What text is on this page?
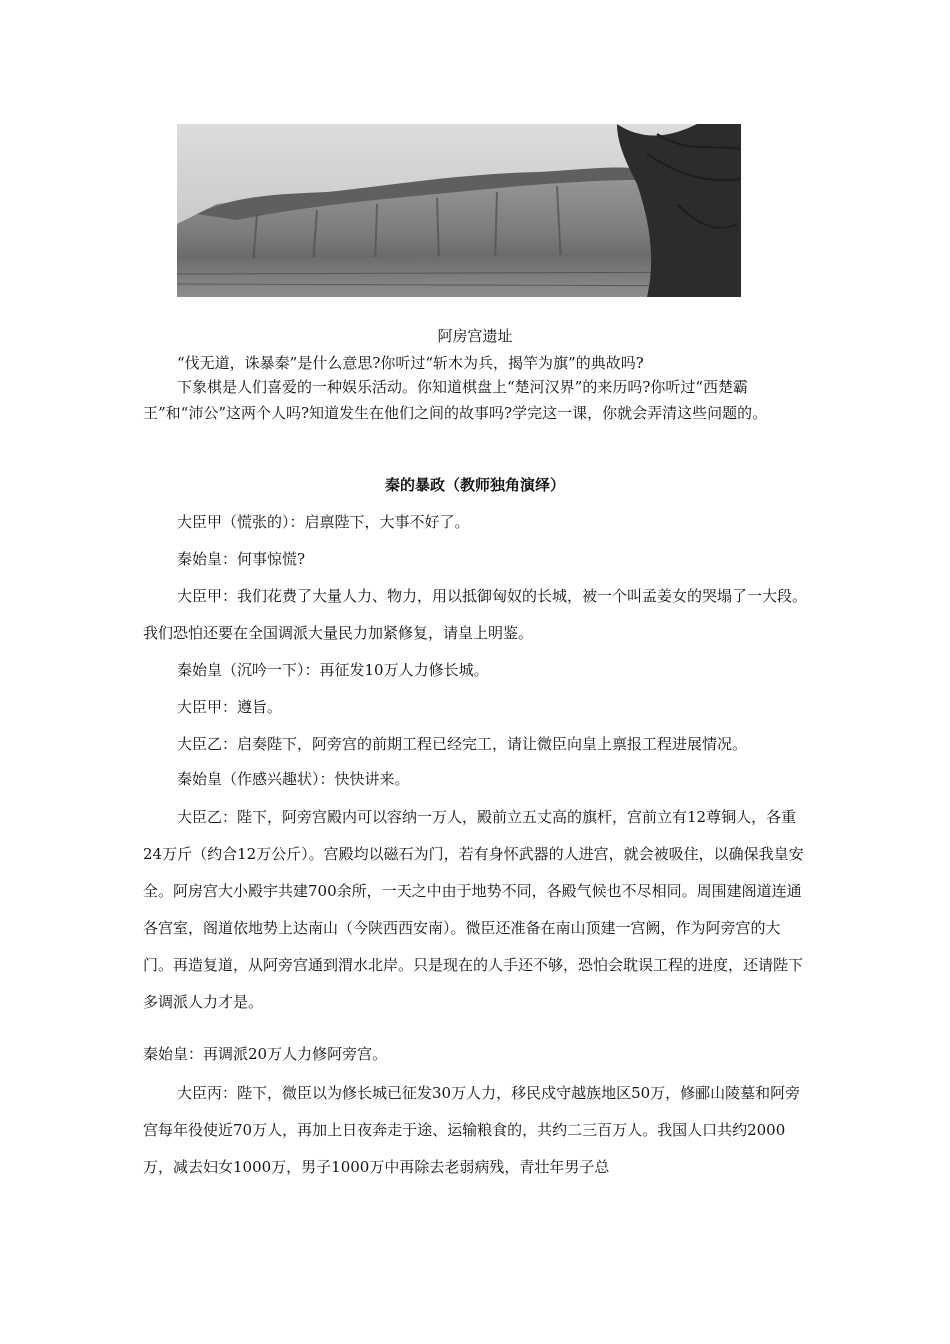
阿房宫遗址

“伐无道，诛暴秦”是什么意思?你听过“斩木为兵，揭竿为旗”的典故吗?

下象棋是人们喜爱的一种娱乐活动。你知道棋盘上“楚河汉界”的来历吗?你听过“西楚霸王”和“沛公”这两个人吗?知道发生在他们之间的故事吗?学完这一课，你就会弄清这些问题的。

秦的暴政（教师独角演绎）
大臣甲（慌张的）：启禀陛下，大事不好了。
秦始皇：何事惊慌?

大臣甲：我们花费了大量人力、物力，用以抵御匈奴的长城，被一个叫孟姜女的哭塌了一大段。我们恐怕还要在全国调派大量民力加紧修复，请皇上明鉴。

秦始皇（沉吟一下）：再征发10万人力修长城。
大臣甲：遵旨。
大臣乙：启奏陛下，阿旁宫的前期工程已经完工，请让微臣向皇上禀报工程进展情况。
秦始皇（作感兴趣状）：快快讲来。

大臣乙：陛下，阿旁宫殿内可以容纳一万人，殿前立五丈高的旗杆，宫前立有12尊铜人，各重24万斤（约合12万公斤）。宫殿均以磁石为门，若有身怀武器的人进宫，就会被吸住，以确保我皇安全。阿房宫大小殿宇共建700余所，一天之中由于地势不同，各殿气候也不尽相同。周围建阁道连通各宫室，阁道依地势上达南山（今陕西西安南）。微臣还准备在南山顶建一宫阙，作为阿旁宫的大门。再造复道，从阿旁宫通到渭水北岸。只是现在的人手还不够，恐怕会耽误工程的进度，还请陛下多调派人力才是。

秦始皇：再调派20万人力修阿旁宫。

大臣丙：陛下，微臣以为修长城已征发30万人力，移民戍守越族地区50万，修郦山陵墓和阿旁宫每年役使近70万人，再加上日夜奔走于途、运输粮食的，共约二三百万人。我国人口共约2000万，减去妇女1000万，男子1000万中再除去老弱病残，青壮年男子总
